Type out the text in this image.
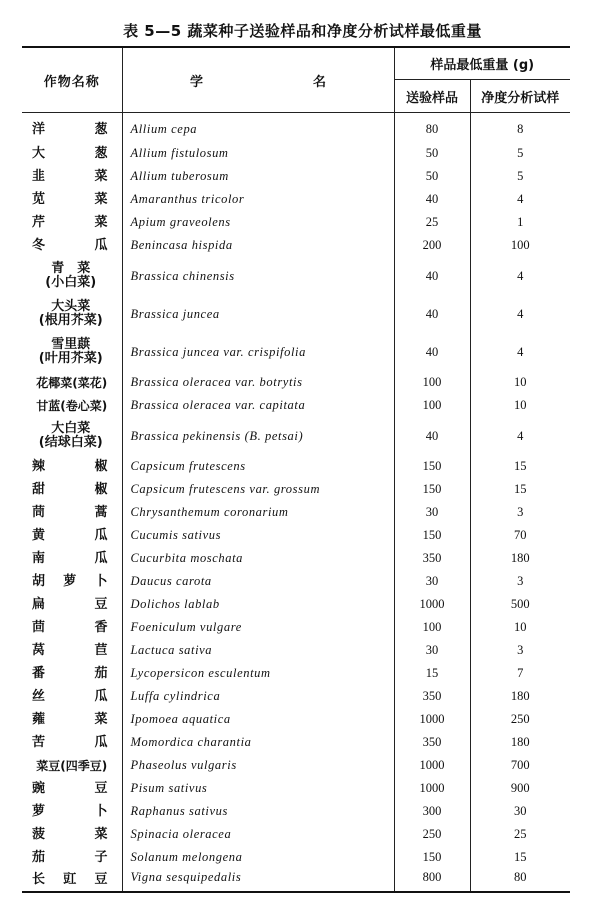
表 5—5 蔬菜种子送验样品和净度分析试样最低重量
作物名称	学 名	样品最低重量 (g)	
		送验样品	净度分析试样
洋　葱	Allium cepa	80	8
大　葱	Allium fistulosum	50	5
韭　菜	Allium tuberosum	50	5
苋　菜	Amaranthus tricolor	40	4
芹　菜	Apium graveolens	25	1
冬　瓜	Benincasa hispida	200	100
青　菜
(小白菜)	Brassica chinensis	40	4
大头菜
(根用芥菜)	Brassica juncea	40	4
雪里蕻
(叶用芥菜)	Brassica juncea var. crispifolia	40	4
花椰菜(菜花)	Brassica oleracea var. botrytis	100	10
甘蓝(卷心菜)	Brassica oleracea var. capitata	100	10
大白菜
(结球白菜)	Brassica pekinensis (B. petsai)	40	4
辣　椒	Capsicum frutescens	150	15
甜　椒	Capsicum frutescens var. grossum	150	15
茼　蒿	Chrysanthemum coronarium	30	3
黄　瓜	Cucumis sativus	150	70
南　瓜	Cucurbita moschata	350	180
胡萝卜	Daucus carota	30	3
扁　豆	Dolichos lablab	1000	500
茴　香	Foeniculum vulgare	100	10
莴　苣	Lactuca sativa	30	3
番　茄	Lycopersicon esculentum	15	7
丝　瓜	Luffa cylindrica	350	180
蕹　菜	Ipomoea aquatica	1000	250
苦　瓜	Momordica charantia	350	180
菜豆(四季豆)	Phaseolus vulgaris	1000	700
豌　豆	Pisum sativus	1000	900
萝　卜	Raphanus sativus	300	30
菠　菜	Spinacia oleracea	250	25
茄　子	Solanum melongena	150	15
长豇豆	Vigna sesquipedalis	800	80
